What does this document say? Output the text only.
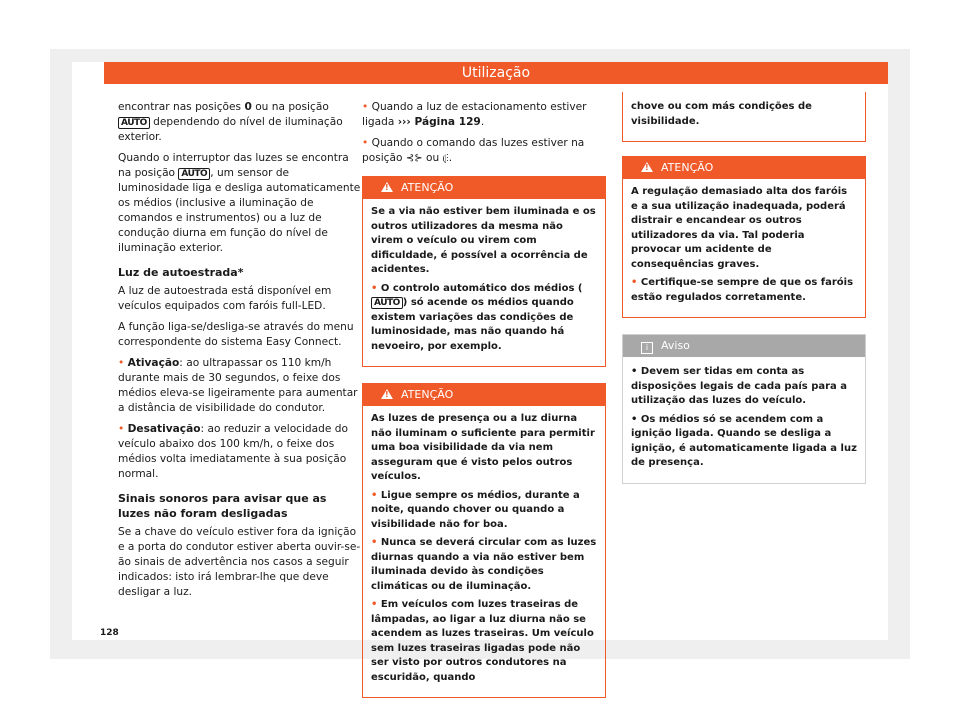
Utilização

encontrar nas posições 0 ou na posição AUTO dependendo do nível de iluminação exterior.

Quando o interruptor das luzes se encontra na posição AUTO , um sensor de luminosidade liga e desliga automaticamente os médios (inclusive a iluminação de comandos e instrumentos) ou a luz de condução diurna em função do nível de iluminação exterior.

Luz de autoestrada*

A luz de autoestrada está disponível em veículos equipados com faróis full-LED.

A função liga-se/desliga-se através do menu correspondente do sistema Easy Connect.

• Ativação: ao ultrapassar os 110 km/h durante mais de 30 segundos, o feixe dos médios eleva-se ligeiramente para aumentar a distância de visibilidade do condutor.

• Desativação: ao reduzir a velocidade do veículo abaixo dos 100 km/h, o feixe dos médios volta imediatamente à sua posição normal.

Sinais sonoros para avisar que as luzes não foram desligadas

Se a chave do veículo estiver fora da ignição e a porta do condutor estiver aberta ouvir-se-ão sinais de advertência nos casos a seguir indicados: isto irá lembrar-lhe que deve desligar a luz.

• Quando a luz de estacionamento estiver ligada ››› Página 129.

• Quando o comando das luzes estiver na posição ⊰⊱ ou ⦇⫶.

!ATENÇÃO

Se a via não estiver bem iluminada e os outros utilizadores da mesma não virem o veículo ou virem com dificuldade, é possível a ocorrência de acidentes.

• O controlo automático dos médios ( AUTO ) só acende os médios quando existem variações das condições de luminosidade, mas não quando há nevoeiro, por exemplo.

!ATENÇÃO

As luzes de presença ou a luz diurna não iluminam o suficiente para permitir uma boa visibilidade da via nem asseguram que é visto pelos outros veículos.

• Ligue sempre os médios, durante a noite, quando chover ou quando a visibilidade não for boa.

• Nunca se deverá circular com as luzes diurnas quando a via não estiver bem iluminada devido às condições climáticas ou de iluminação.

• Em veículos com luzes traseiras de lâmpadas, ao ligar a luz diurna não se acendem as luzes traseiras. Um veículo sem luzes traseiras ligadas pode não ser visto por outros condutores na escuridão, quando

chove ou com más condições de visibilidade.

!ATENÇÃO

A regulação demasiado alta dos faróis e a sua utilização inadequada, poderá distrair e encandear os outros utilizadores da via. Tal poderia provocar um acidente de consequências graves.

• Certifique-se sempre de que os faróis estão regulados corretamente.

i Aviso

• Devem ser tidas em conta as disposições legais de cada país para a utilização das luzes do veículo.

• Os médios só se acendem com a ignição ligada. Quando se desliga a ignição, é automaticamente ligada a luz de presença.

128
